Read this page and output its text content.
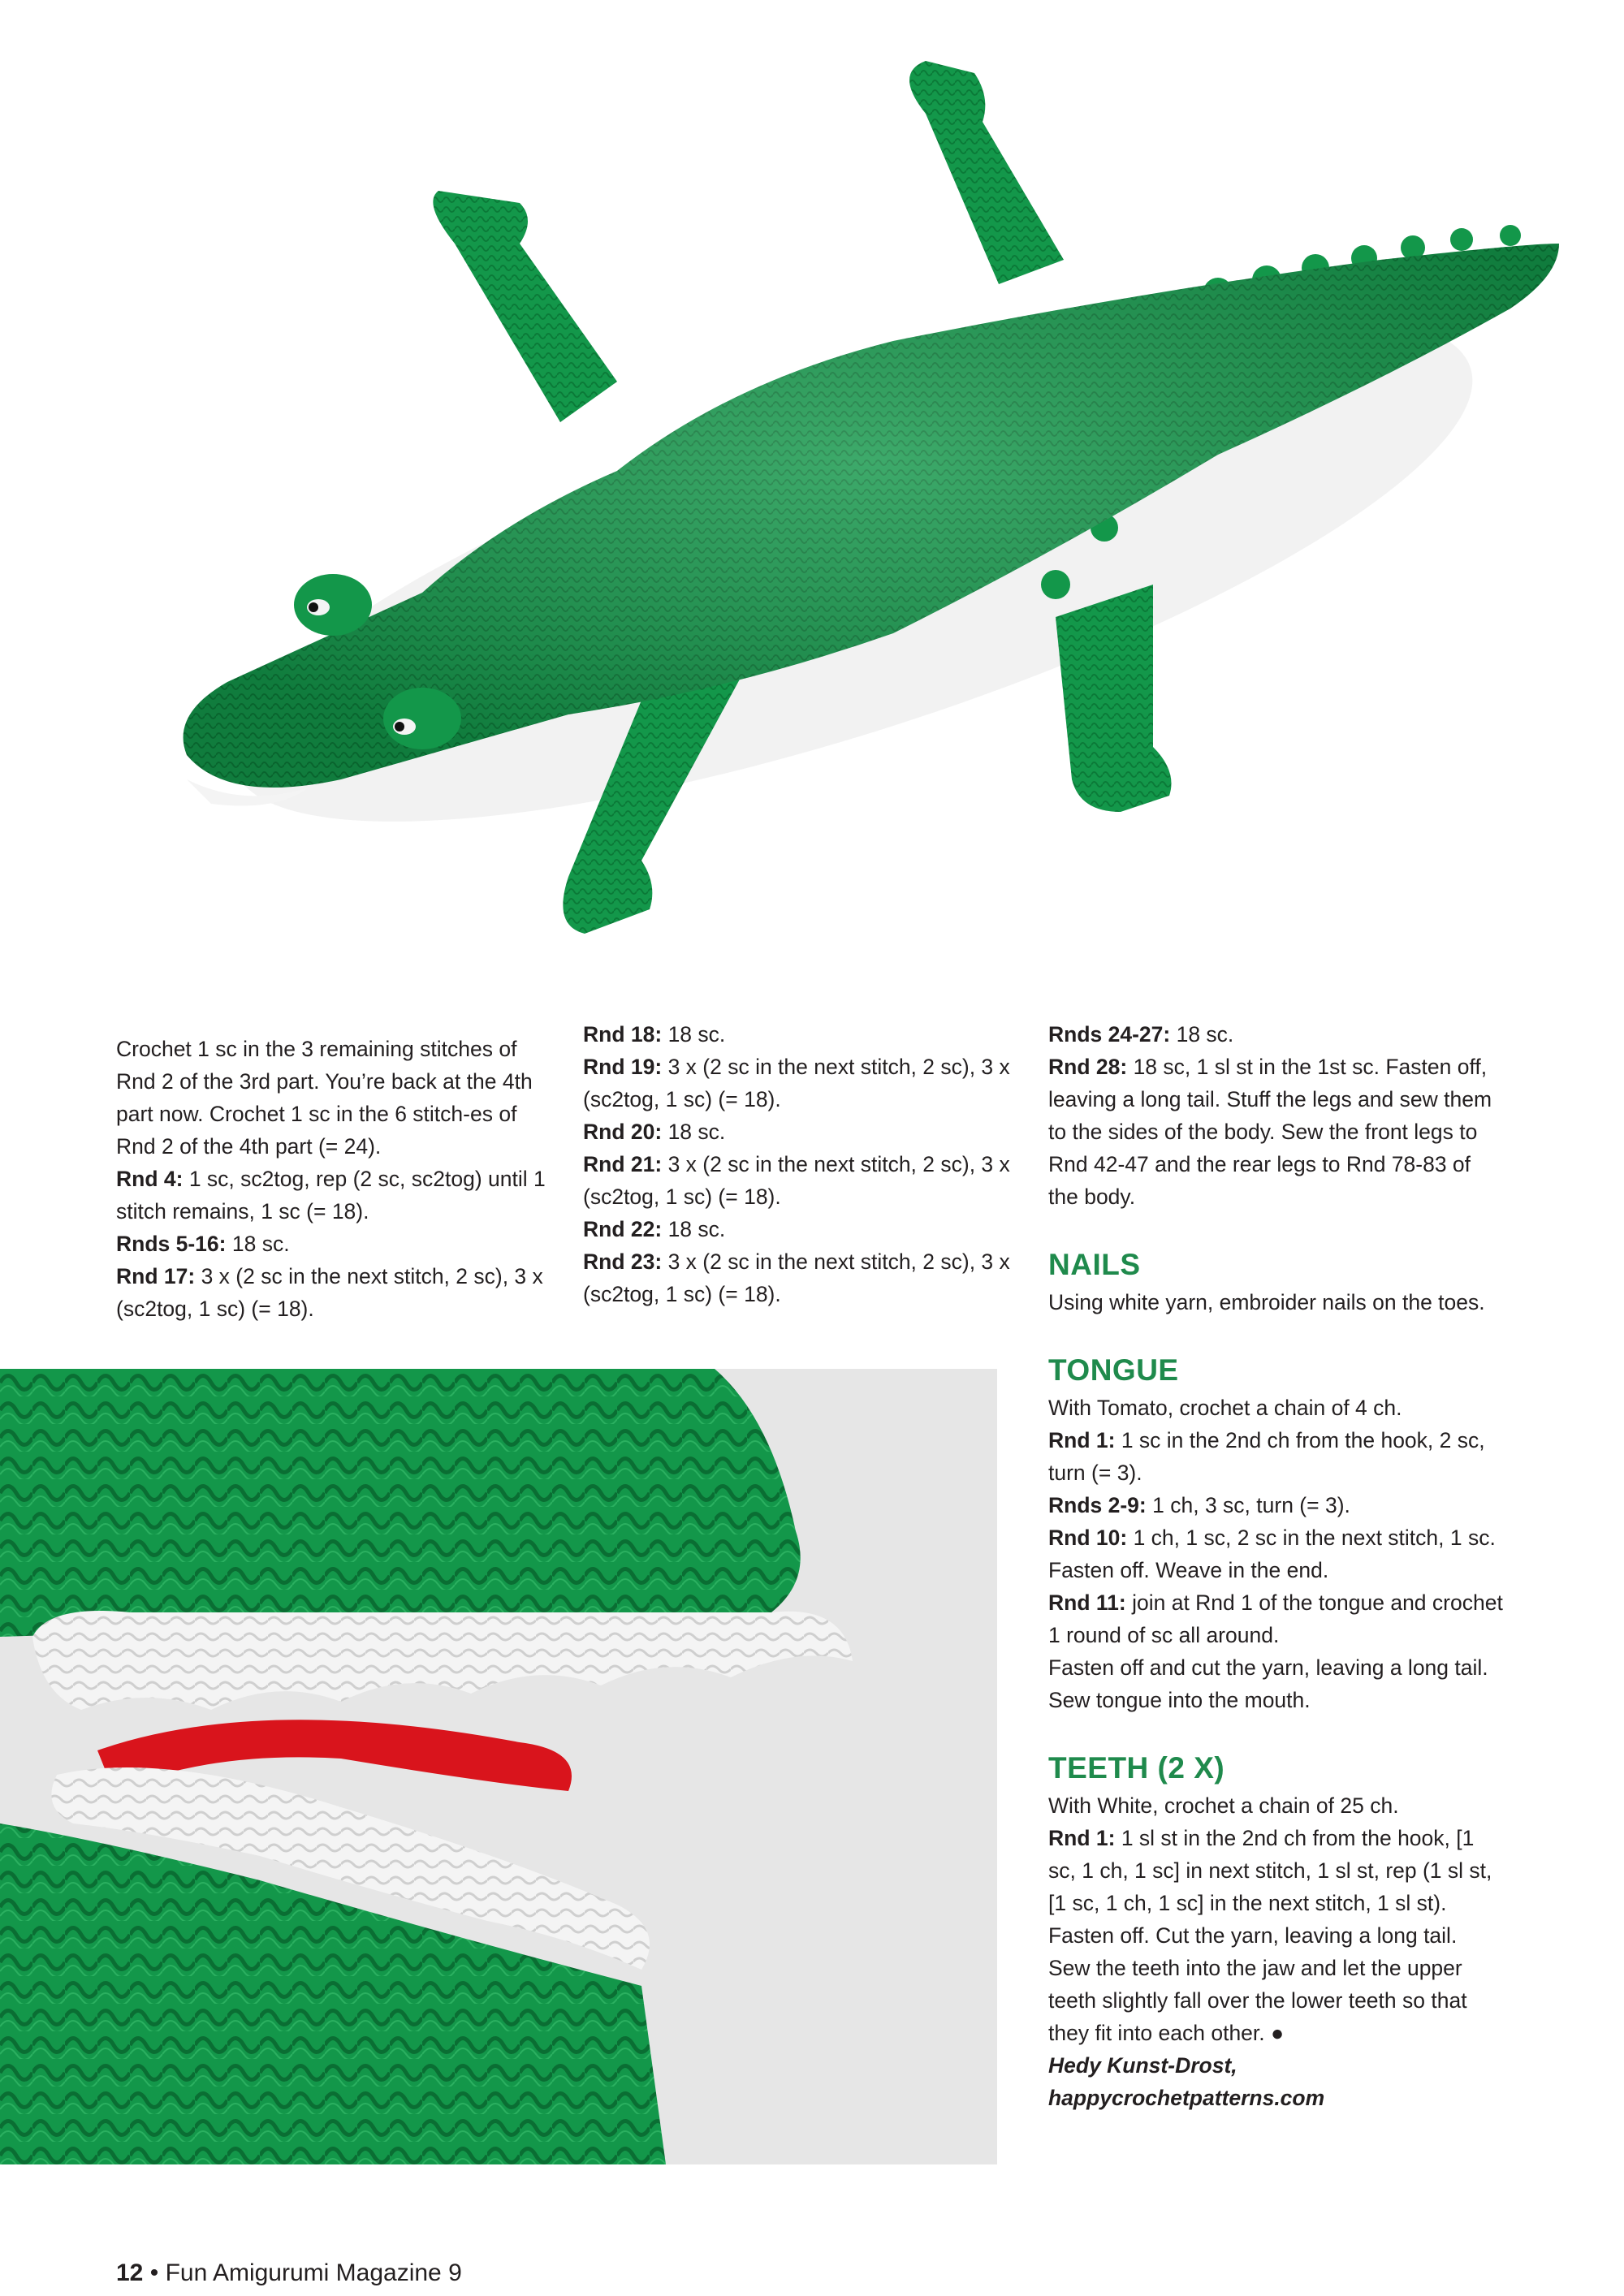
Crochet 1 sc in the 3 remaining stitches of Rnd 2 of the 3rd part. You’re back at the 4th part now. Crochet 1 sc in the 6 stitch-es of Rnd 2 of the 4th part (= 24).

Rnd 4: 1 sc, sc2tog, rep (2 sc, sc2tog) until 1 stitch remains, 1 sc (= 18).

Rnds 5-16: 18 sc.

Rnd 17: 3 x (2 sc in the next stitch, 2 sc), 3 x (sc2tog, 1 sc) (= 18).

Rnd 18: 18 sc.

Rnd 19: 3 x (2 sc in the next stitch, 2 sc), 3 x (sc2tog, 1 sc) (= 18).

Rnd 20: 18 sc.

Rnd 21: 3 x (2 sc in the next stitch, 2 sc), 3 x (sc2tog, 1 sc) (= 18).

Rnd 22: 18 sc.

Rnd 23: 3 x (2 sc in the next stitch, 2 sc), 3 x (sc2tog, 1 sc) (= 18).

Rnds 24-27: 18 sc.

Rnd 28: 18 sc, 1 sl st in the 1st sc. Fasten off, leaving a long tail. Stuff the legs and sew them to the sides of the body. Sew the front legs to Rnd 42-47 and the rear legs to Rnd 78-83 of the body.

NAILS

Using white yarn, embroider nails on the toes.

TONGUE

With Tomato, crochet a chain of 4 ch.

Rnd 1: 1 sc in the 2nd ch from the hook, 2 sc, turn (= 3).

Rnds 2-9: 1 ch, 3 sc, turn (= 3).

Rnd 10: 1 ch, 1 sc, 2 sc in the next stitch, 1 sc. Fasten off. Weave in the end.

Rnd 11: join at Rnd 1 of the tongue and crochet 1 round of sc all around.

Fasten off and cut the yarn, leaving a long tail. Sew tongue into the mouth.

TEETH (2 X)

With White, crochet a chain of 25 ch.

Rnd 1: 1 sl st in the 2nd ch from the hook, [1 sc, 1 ch, 1 sc] in next stitch, 1 sl st, rep (1 sl st, [1 sc, 1 ch, 1 sc] in the next stitch, 1 sl st).

Fasten off. Cut the yarn, leaving a long tail. Sew the teeth into the jaw and let the upper teeth slightly fall over the lower teeth so that they fit into each other. ●

Hedy Kunst-Drost,

happycrochetpatterns.com

12 • Fun Amigurumi Magazine 9
